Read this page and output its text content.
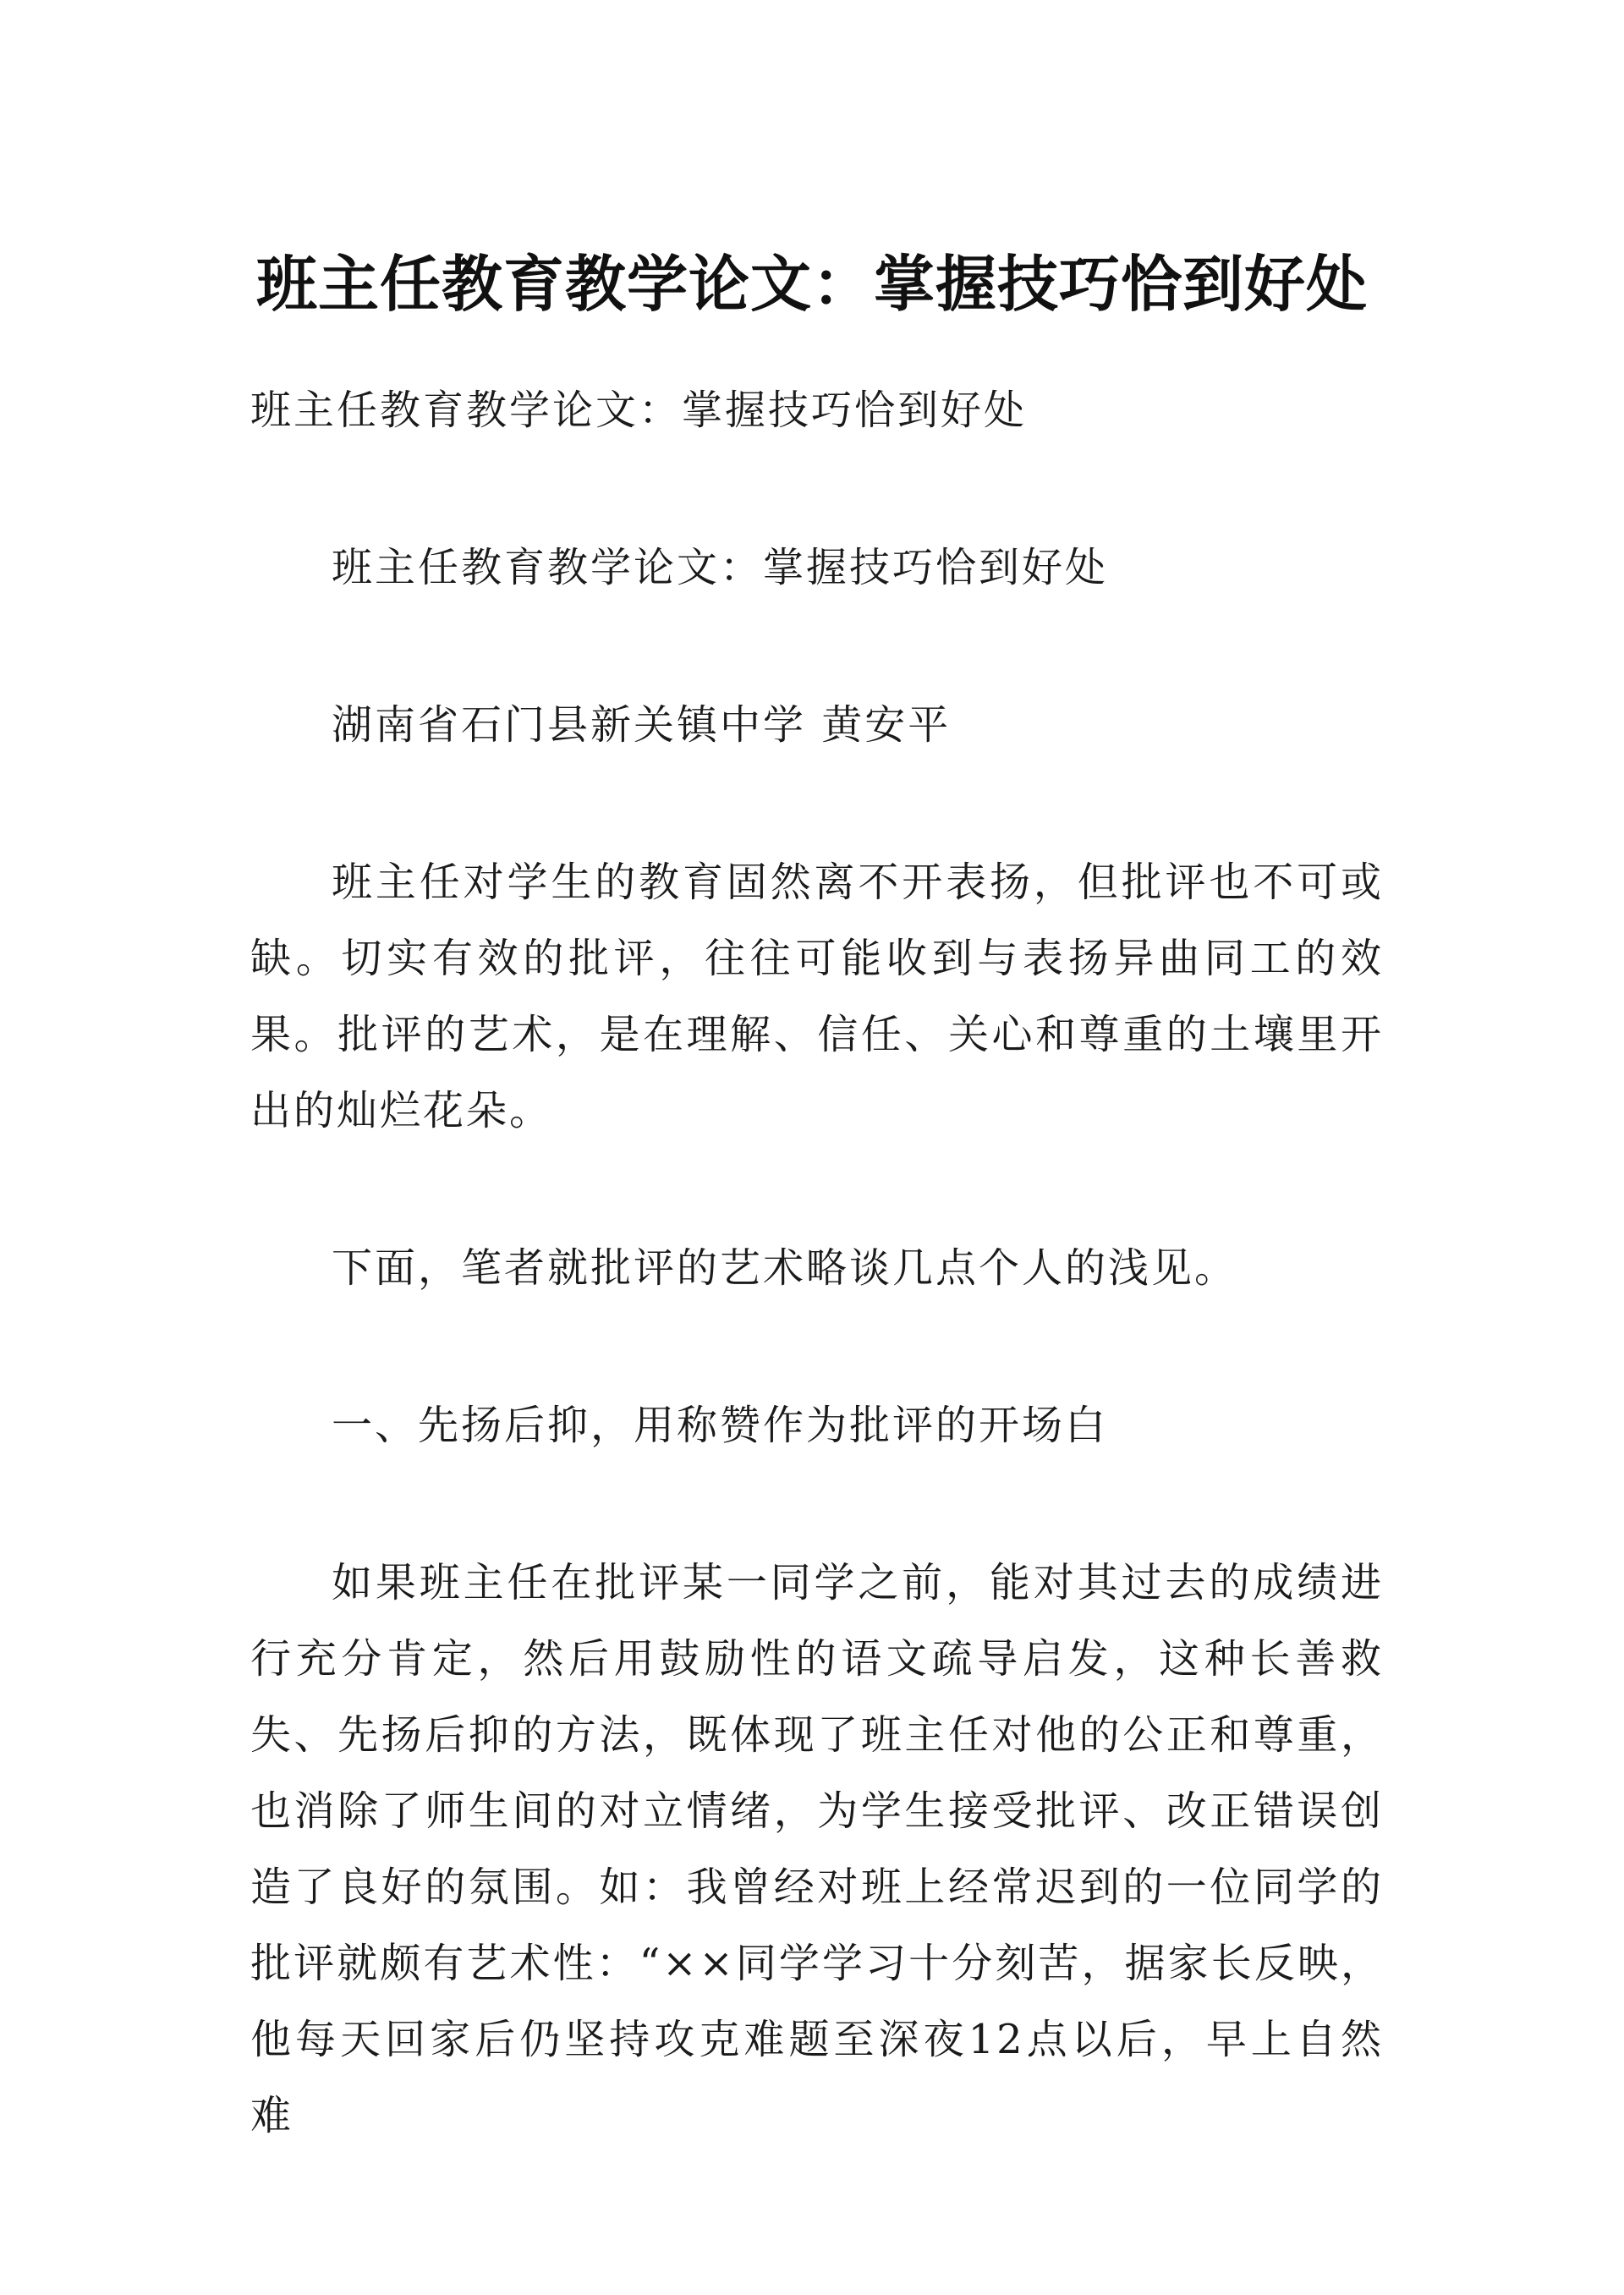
班主任教育教学论文：掌握技巧恰到好处

班主任教育教学论文：掌握技巧恰到好处

班主任教育教学论文：掌握技巧恰到好处

湖南省石门县新关镇中学 黄安平

班主任对学生的教育固然离不开表扬，但批评也不可或缺。切实有效的批评，往往可能收到与表扬异曲同工的效果。批评的艺术，是在理解、信任、关心和尊重的土壤里开出的灿烂花朵。

下面，笔者就批评的艺术略谈几点个人的浅见。

一、先扬后抑，用称赞作为批评的开场白

如果班主任在批评某一同学之前，能对其过去的成绩进行充分肯定，然后用鼓励性的语文疏导启发，这种长善救失、先扬后抑的方法，既体现了班主任对他的公正和尊重，也消除了师生间的对立情绪，为学生接受批评、改正错误创造了良好的氛围。如：我曾经对班上经常迟到的一位同学的批评就颇有艺术性：“××同学学习十分刻苦，据家长反映，他每天回家后仍坚持攻克难题至深夜12点以后，早上自然难
